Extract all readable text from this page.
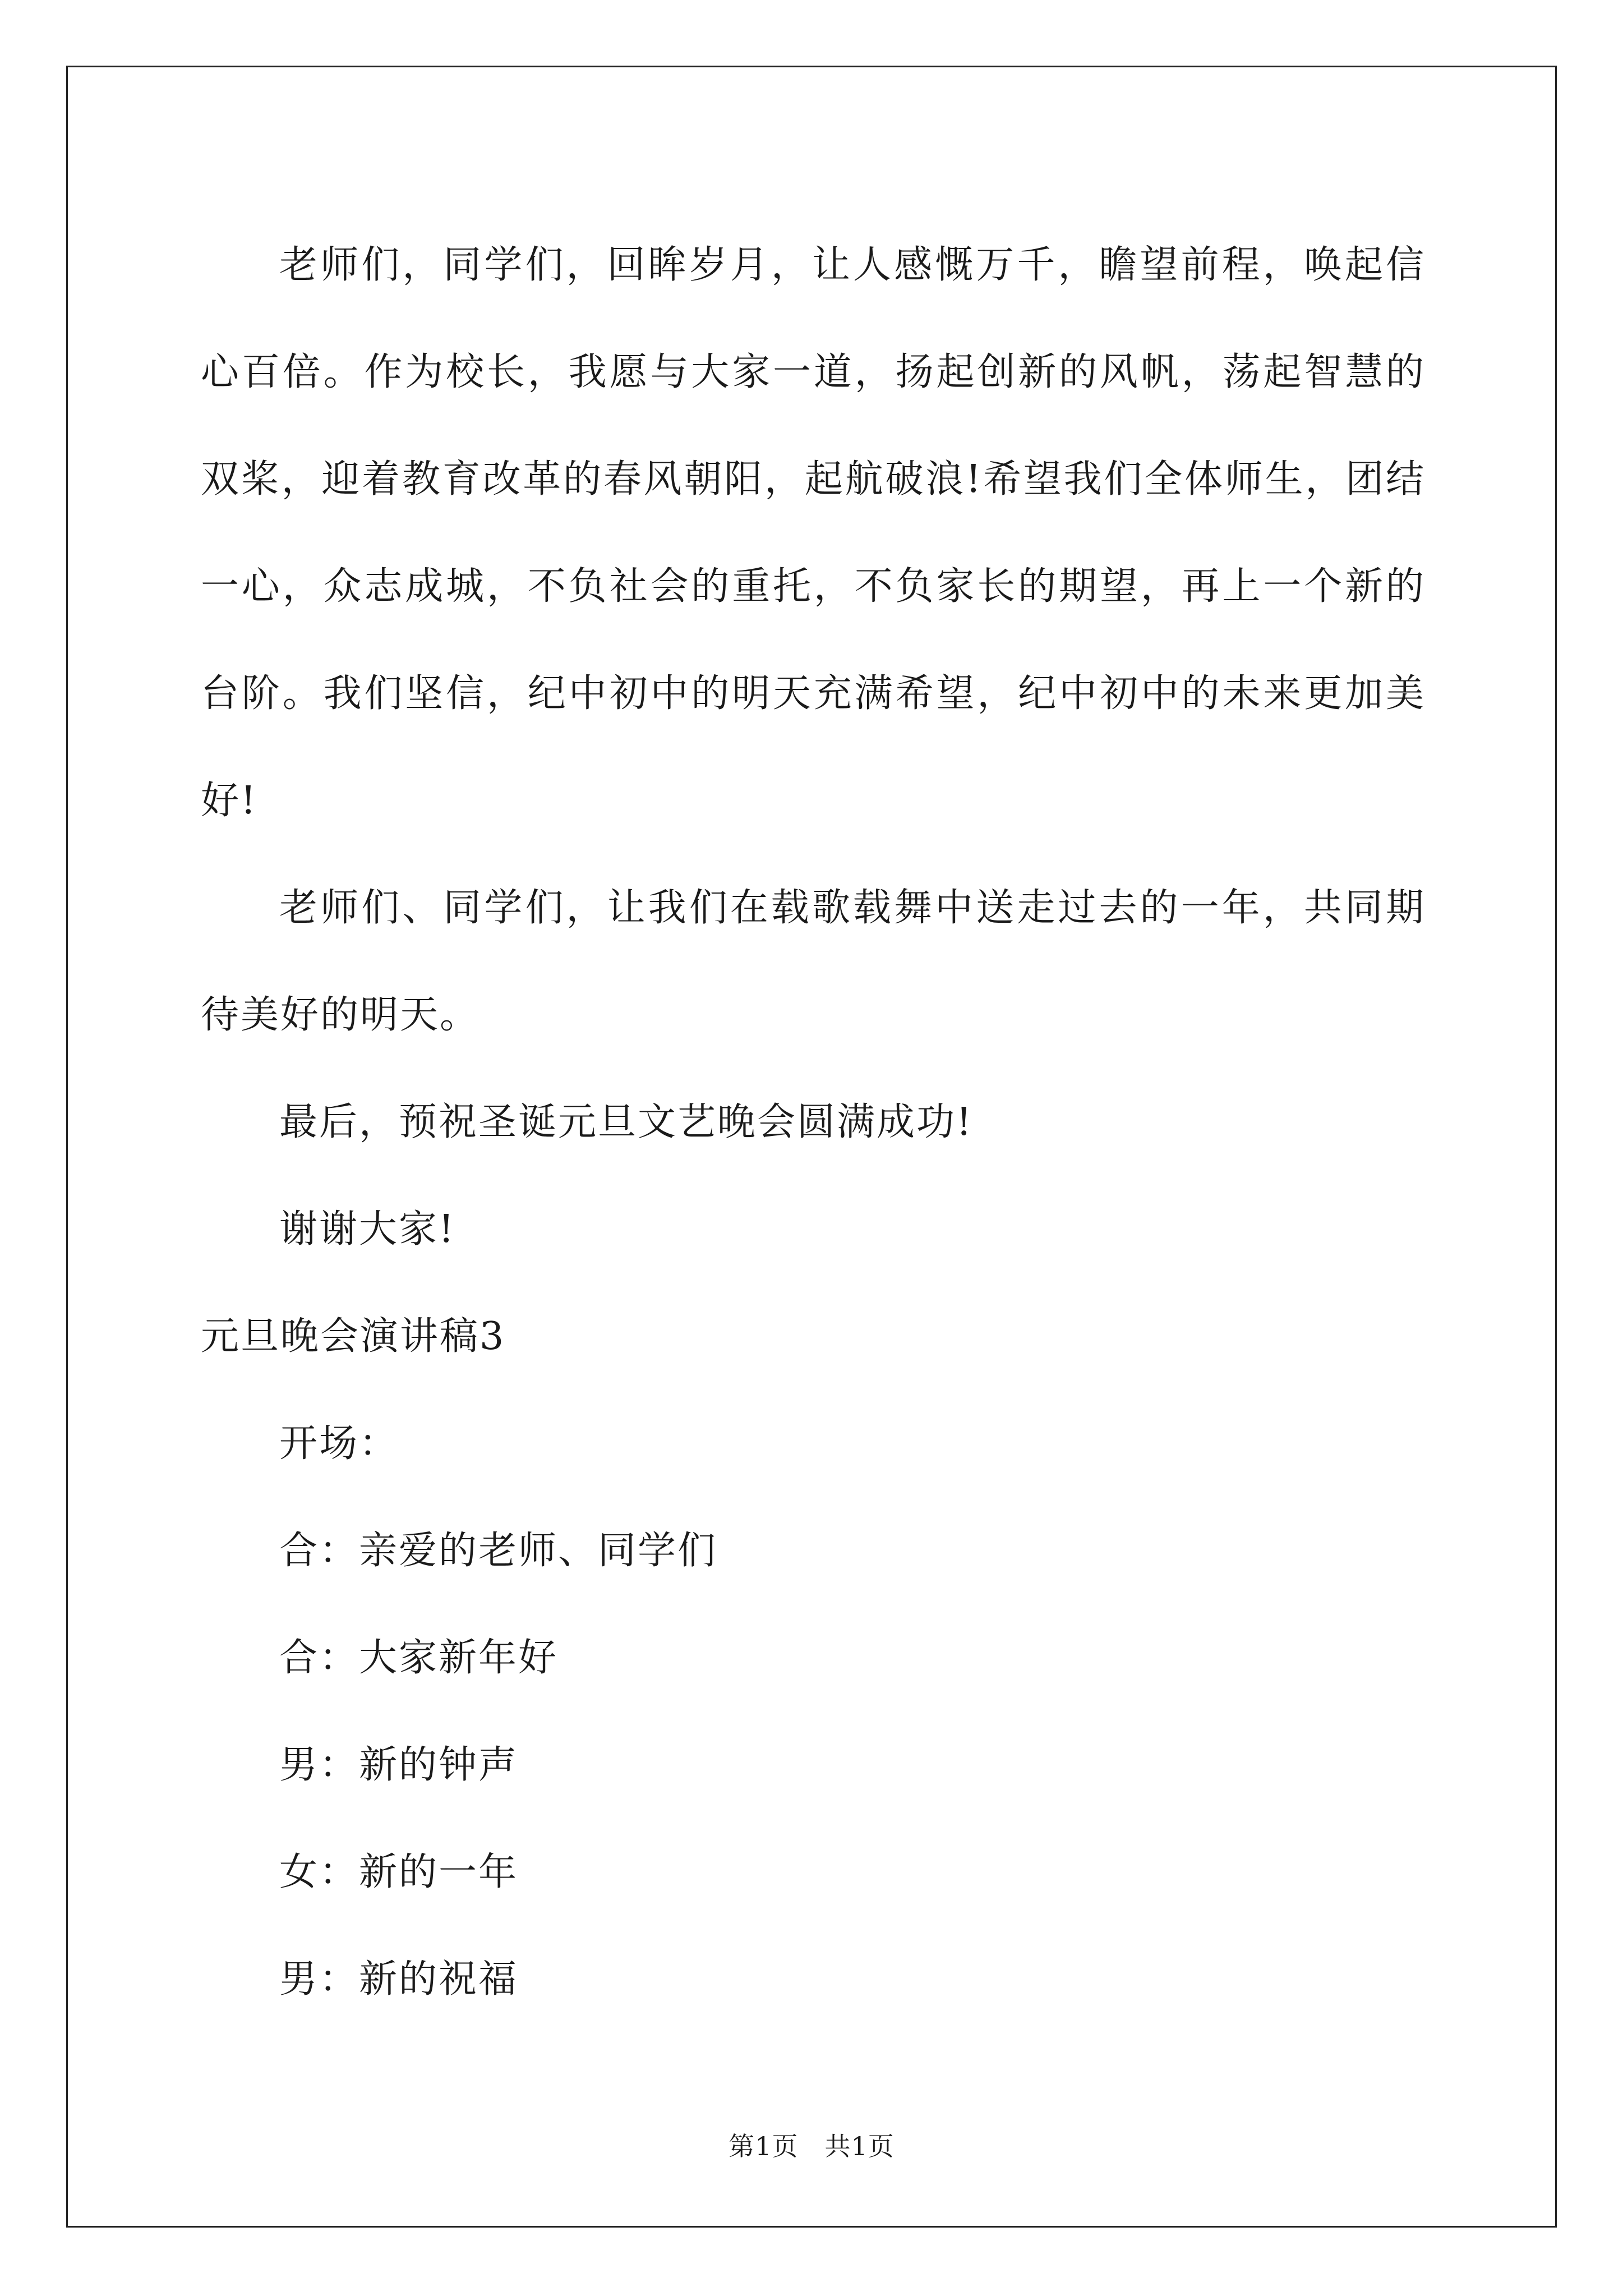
老师们，同学们，回眸岁月，让人感慨万千，瞻望前程，唤起信心百倍。作为校长，我愿与大家一道，扬起创新的风帆，荡起智慧的双桨，迎着教育改革的春风朝阳，起航破浪!希望我们全体师生，团结一心，众志成城，不负社会的重托，不负家长的期望，再上一个新的台阶。我们坚信，纪中初中的明天充满希望，纪中初中的未来更加美好!

老师们、同学们，让我们在载歌载舞中送走过去的一年，共同期待美好的明天。

最后，预祝圣诞元旦文艺晚会圆满成功!

谢谢大家!

元旦晚会演讲稿3

开场：

合：亲爱的老师、同学们

合：大家新年好

男：新的钟声

女：新的一年

男：新的祝福

第1页　共1页
